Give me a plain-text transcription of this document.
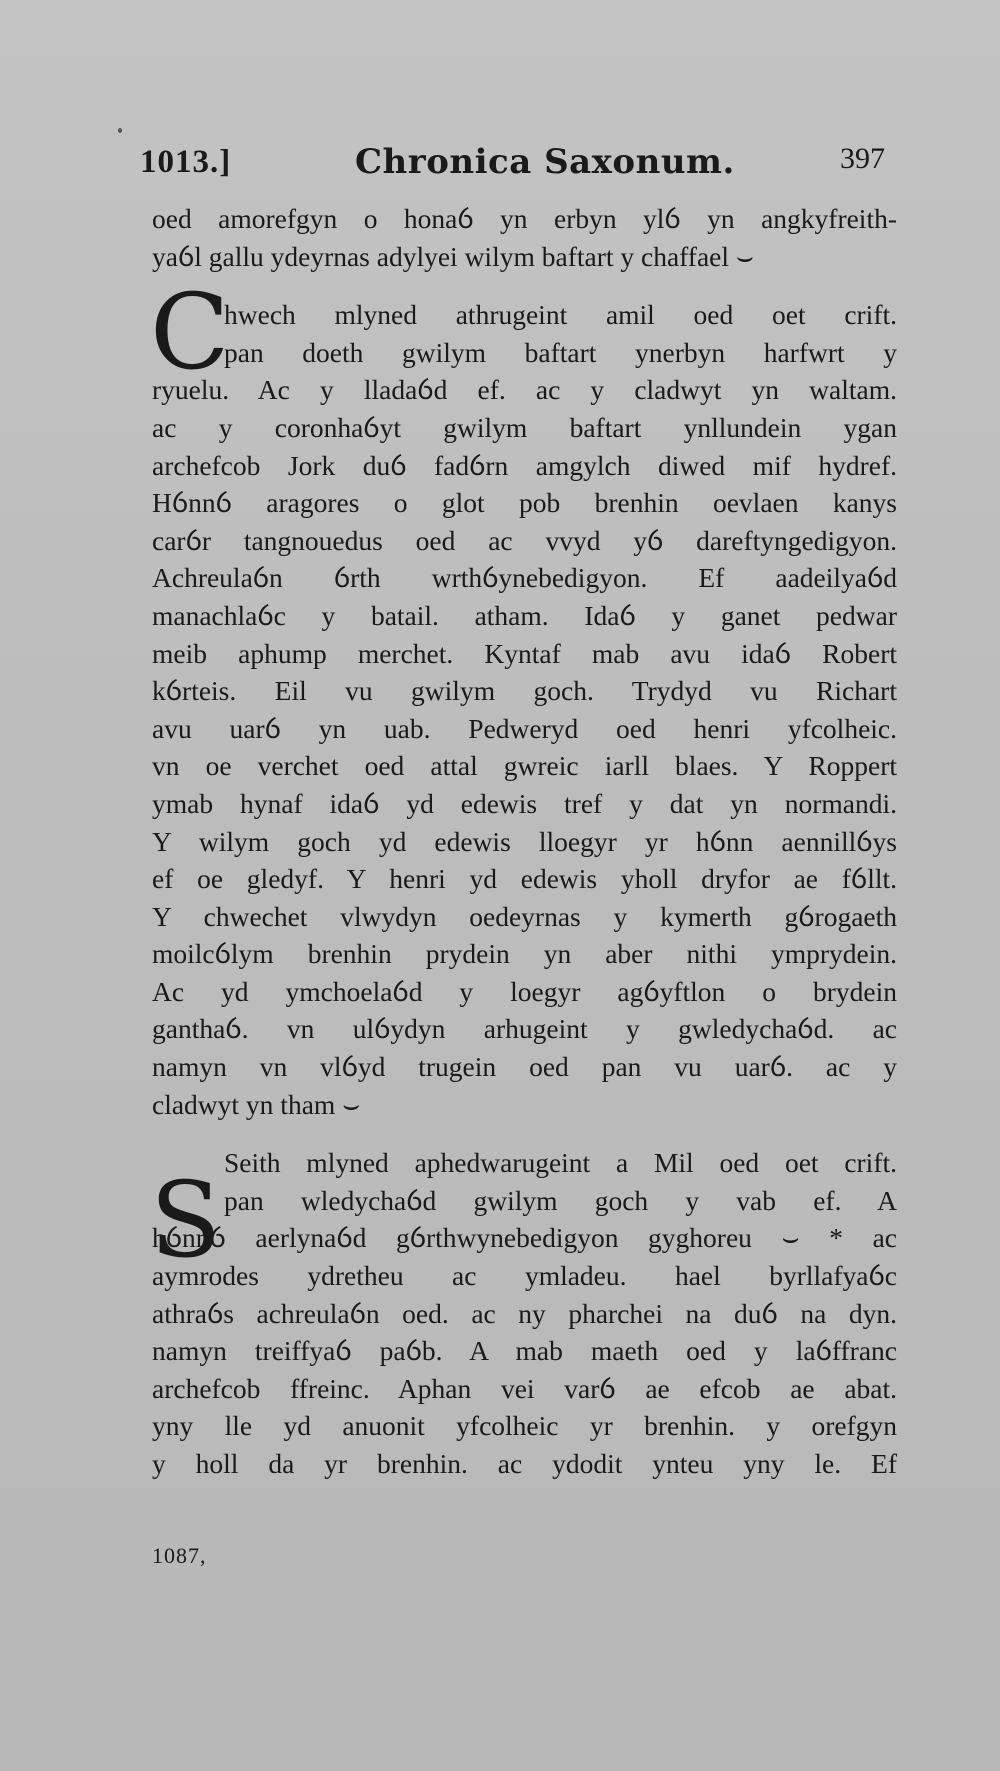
1013.]	Chronica Saxonum.	397
C
S
oed amorefgyn o honaỽ yn erbyn ylỽ yn angkyfreith-
yaỽl gallu ydeyrnas adylyei wilym baftart y chaffael ⌣
hwech mlyned athrugeint amil oed oet crift.
pan doeth gwilym baftart ynerbyn harfwrt y
ryuelu. Ac y lladaỽd ef. ac y cladwyt yn waltam.
ac y coronhaỽyt gwilym baftart ynllundein ygan
archefcob Jork duỽ fadỽrn amgylch diwed mif hydref.
Hỽnnỽ aragores o glot pob brenhin oevlaen kanys
carỽr tangnouedus oed ac vvyd yỽ dareftyngedigyon.
Achreulaỽn ỽrth wrthỽynebedigyon. Ef aadeilyaỽd
manachlaỽc y batail. atham. Idaỽ y ganet pedwar
meib aphump merchet. Kyntaf mab avu idaỽ Robert
kỽrteis. Eil vu gwilym goch. Trydyd vu Richart
avu uarỽ yn uab. Pedweryd oed henri yfcolheic.
vn oe verchet oed attal gwreic iarll blaes. Y Roppert
ymab hynaf idaỽ yd edewis tref y dat yn normandi.
Y wilym goch yd edewis lloegyr yr hỽnn aennillỽys
ef oe gledyf. Y henri yd edewis yholl dryfor ae fỽllt.
Y chwechet vlwydyn oedeyrnas y kymerth gỽrogaeth
moilcỽlym brenhin prydein yn aber nithi ymprydein.
Ac yd ymchoelaỽd y loegyr agỽyftlon o brydein
ganthaỽ. vn ulỽydyn arhugeint y gwledychaỽd. ac
namyn vn vlỽyd trugein oed pan vu uarỽ. ac y
cladwyt yn tham ⌣
Seith mlyned aphedwarugeint a Mil oed oet crift.
pan wledychaỽd gwilym goch y vab ef. A
hỽnnỽ aerlynaỽd gỽrthwynebedigyon gyghoreu ⌣ * ac
aymrodes ydretheu ac ymladeu. hael byrllafyaỽc
athraỽs achreulaỽn oed. ac ny pharchei na duỽ na dyn.
namyn treiffyaỽ paỽb. A mab maeth oed y laỽffranc
archefcob ffreinc. Aphan vei varỽ ae efcob ae abat.
yny lle yd anuonit yfcolheic yr brenhin. y orefgyn
y holl da yr brenhin. ac ydodit ynteu yny le. Ef
1087,
